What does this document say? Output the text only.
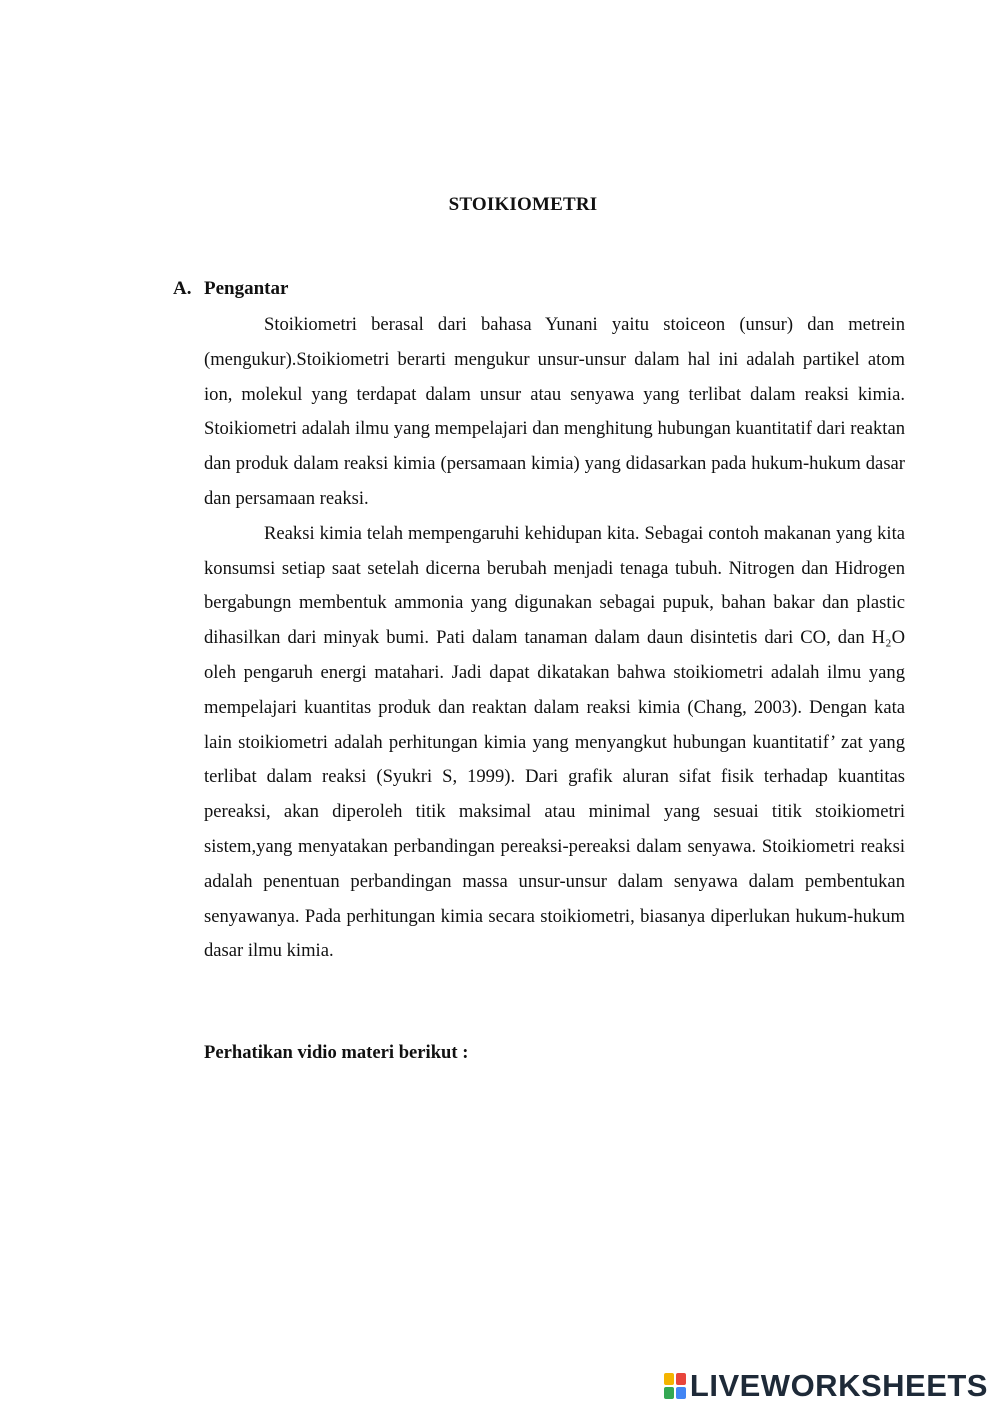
STOIKIOMETRI
A. Pengantar

Stoikiometri berasal dari bahasa Yunani yaitu stoiceon (unsur) dan metrein (mengukur).Stoikiometri berarti mengukur unsur-unsur dalam hal ini adalah partikel atom ion, molekul yang terdapat dalam unsur atau senyawa yang terlibat dalam reaksi kimia. Stoikiometri adalah ilmu yang mempelajari dan menghitung hubungan kuantitatif dari reaktan dan produk dalam reaksi kimia (persamaan kimia) yang didasarkan pada hukum-hukum dasar dan persamaan reaksi.

Reaksi kimia telah mempengaruhi kehidupan kita. Sebagai contoh makanan yang kita konsumsi setiap saat setelah dicerna berubah menjadi tenaga tubuh. Nitrogen dan Hidrogen bergabungn membentuk ammonia yang digunakan sebagai pupuk, bahan bakar dan plastic dihasilkan dari minyak bumi. Pati dalam tanaman dalam daun disintetis dari CO, dan H₂O oleh pengaruh energi matahari. Jadi dapat dikatakan bahwa stoikiometri adalah ilmu yang mempelajari kuantitas produk dan reaktan dalam reaksi kimia (Chang, 2003). Dengan kata lain stoikiometri adalah perhitungan kimia yang menyangkut hubungan kuantitatif’ zat yang terlibat dalam reaksi (Syukri S, 1999). Dari grafik aluran sifat fisik terhadap kuantitas pereaksi, akan diperoleh titik maksimal atau minimal yang sesuai titik stoikiometri sistem,yang menyatakan perbandingan pereaksi-pereaksi dalam senyawa. Stoikiometri reaksi adalah penentuan perbandingan massa unsur-unsur dalam senyawa dalam pembentukan senyawanya. Pada perhitungan kimia secara stoikiometri, biasanya diperlukan hukum-hukum dasar ilmu kimia.

Perhatikan vidio materi berikut :
LIVEWORKSHEETS
